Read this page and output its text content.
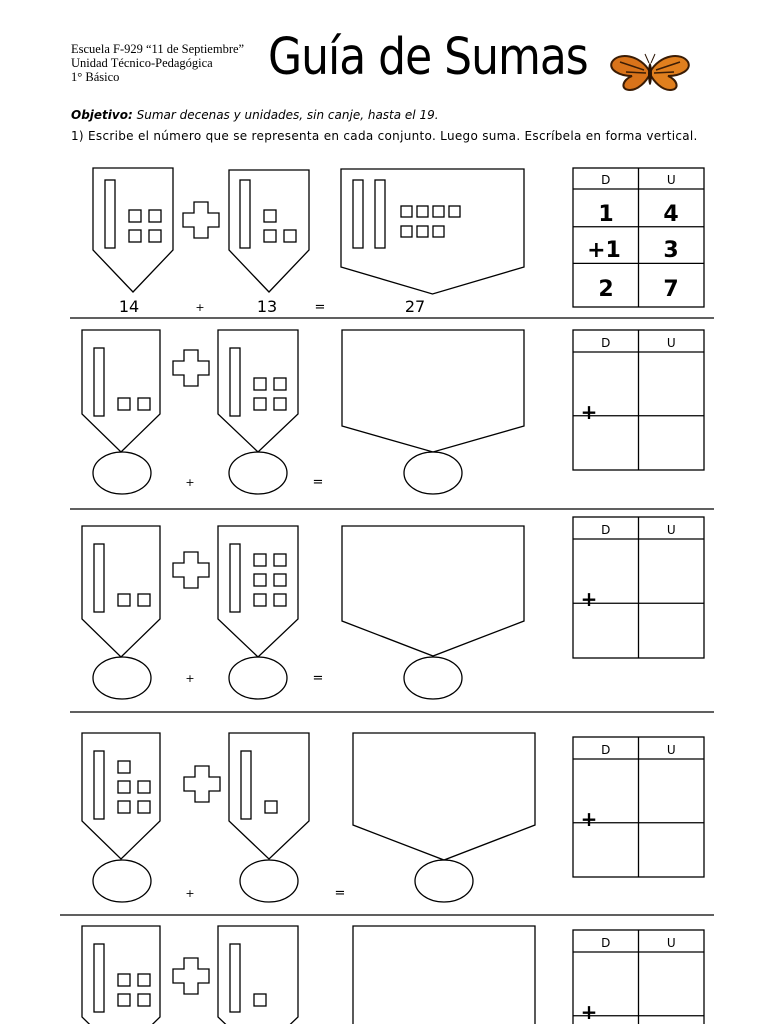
Escuela F-929 “11 de Septiembre”
Unidad Técnico-Pedagógica
1° Básico	Guía de Sumas
Objetivo: Sumar decenas y unidades, sin canje, hasta el 19.
1) Escribe el número que se representa en cada conjunto. Luego suma. Escríbela en forma vertical.
14	+	13	=	27
D	U
1 4
+1 3
2 7
+	=
D	U
+
+	=
D	U
+
+	=
D	U
+
D	U
+
